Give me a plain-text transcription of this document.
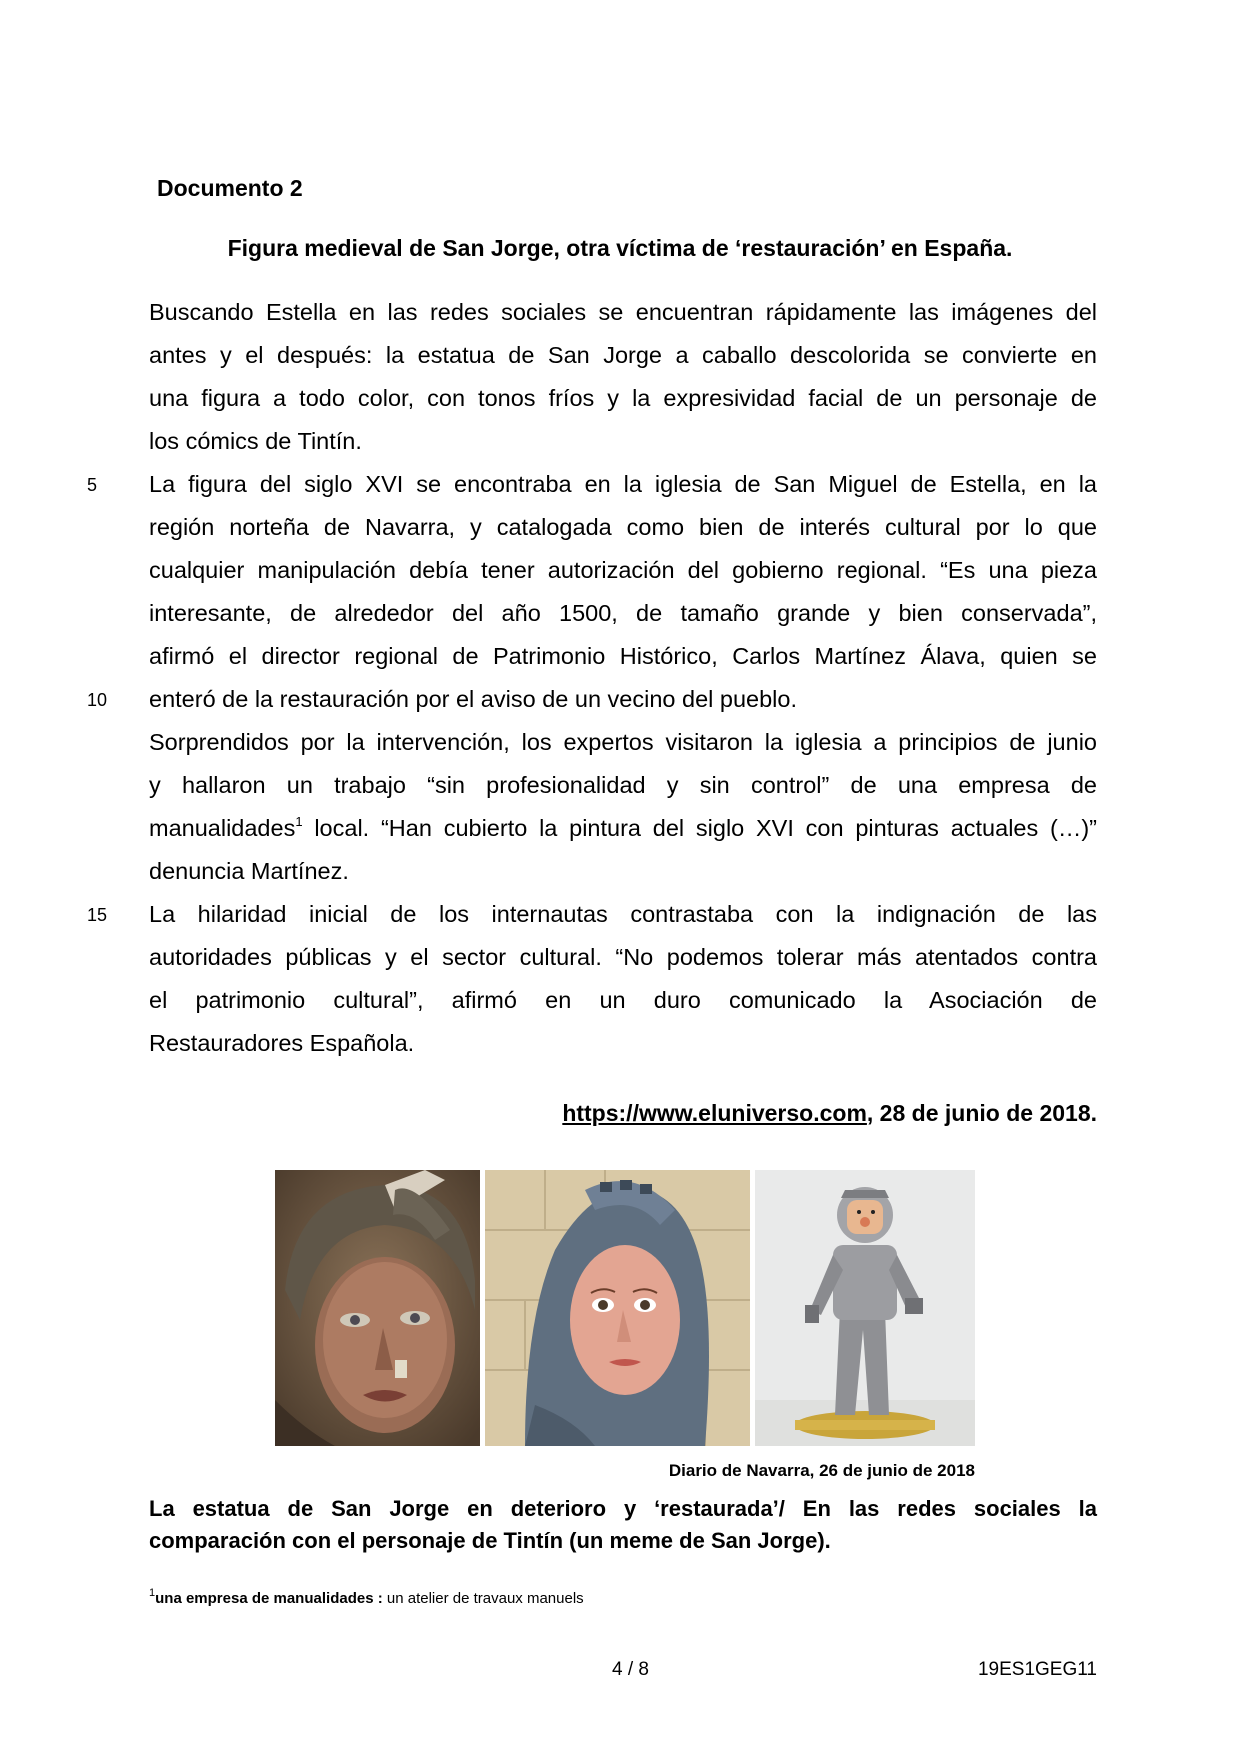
Documento 2
Figura medieval de San Jorge, otra víctima de ‘restauración’ en España.
Buscando Estella en las redes sociales se encuentran rápidamente las imágenes del
antes y el después: la estatua de San Jorge a caballo descolorida se convierte en
una figura a todo color, con tonos fríos y la expresividad facial de un personaje de
los cómics de Tintín.
5	La figura del siglo XVI se encontraba en la iglesia de San Miguel de Estella, en la
región norteña de Navarra, y catalogada como bien de interés cultural por lo que
cualquier manipulación debía tener autorización del gobierno regional. “Es una pieza
interesante, de alrededor del año 1500, de tamaño grande y bien conservada”,
afirmó el director regional de Patrimonio Histórico, Carlos Martínez Álava, quien se
10	enteró de la restauración por el aviso de un vecino del pueblo.
Sorprendidos por la intervención, los expertos visitaron la iglesia a principios de junio
y hallaron un trabajo “sin profesionalidad y sin control” de una empresa de
manualidades$^1$ local. “Han cubierto la pintura del siglo XVI con pinturas actuales (…)”
denuncia Martínez.
15	La hilaridad inicial de los internautas contrastaba con la indignación de las
autoridades públicas y el sector cultural. “No podemos tolerar más atentados contra
el patrimonio cultural”, afirmó en un duro comunicado la Asociación de
Restauradores Española.
https://www.eluniverso.com, 28 de junio de 2018.
Diario de Navarra, 26 de junio de 2018
La estatua de San Jorge en deterioro y ‘restaurada’/ En las redes sociales la
comparación con el personaje de Tintín (un meme de San Jorge).
$^1$una empresa de manualidades : un atelier de travaux manuels
4 / 8	19ES1GEG11
